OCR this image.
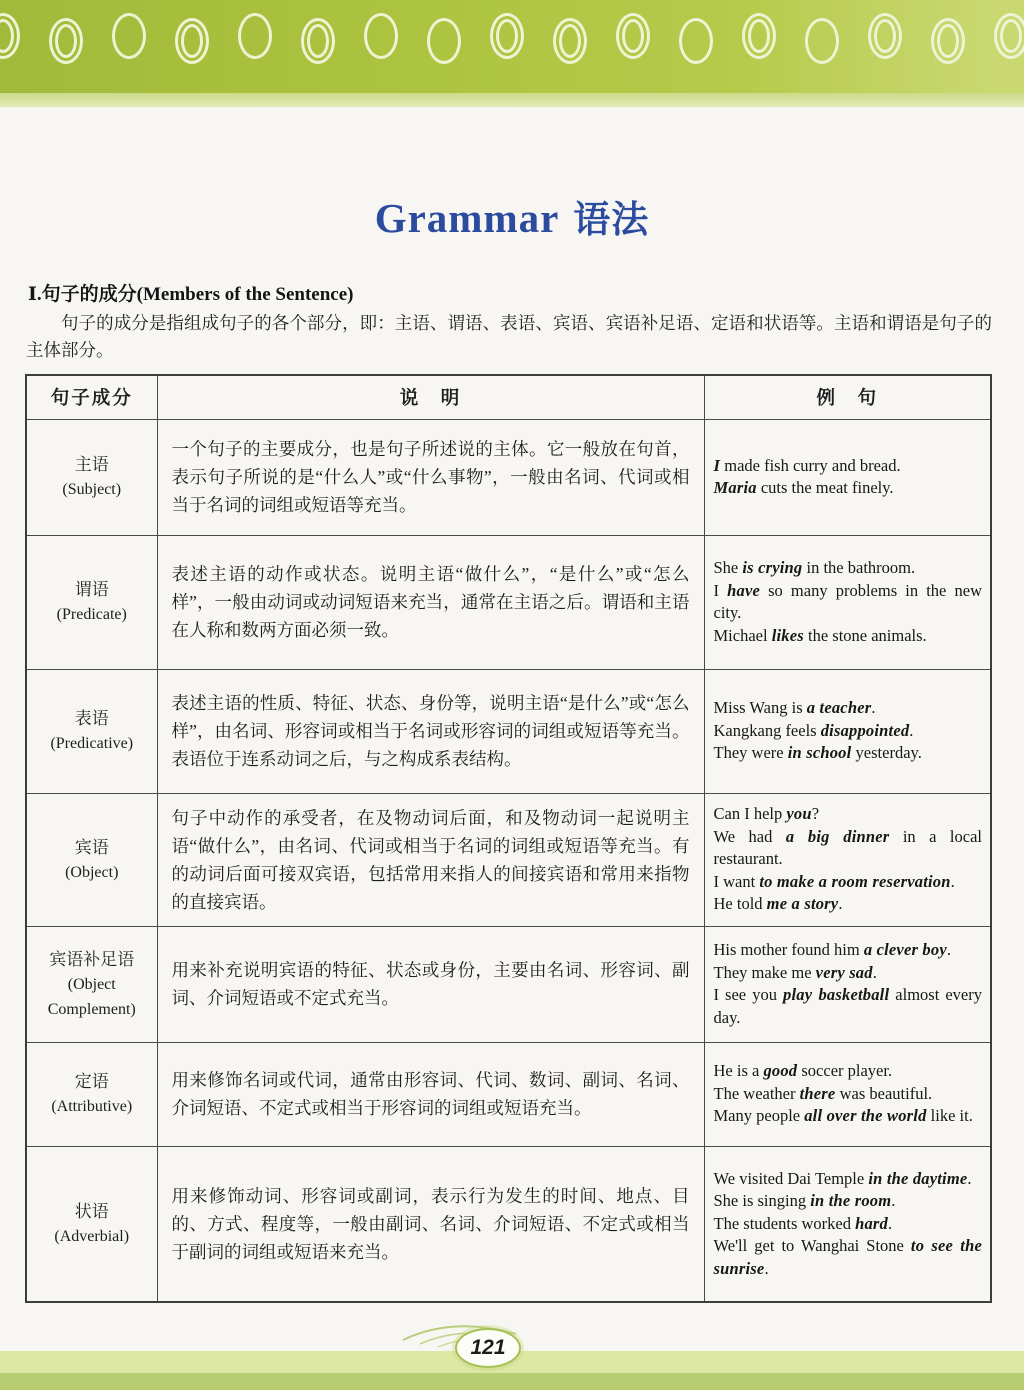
Grammar 语法
Ⅰ.句子的成分(Members of the Sentence)
句子的成分是指组成句子的各个部分，即：主语、谓语、表语、宾语、宾语补足语、定语和状语等。主语和谓语是句子的主体部分。
句子成分	说　明	例　句

主语
(Subject)
	一个句子的主要成分，也是句子所述说的主体。它一般放在句首，表示句子所说的是“什么人”或“什么事物”，一般由名词、代词或相当于名词的词组或短语等充当。	
I made fish curry and bread.
Maria cuts the meat finely.

谓语
(Predicate)
	表述主语的动作或状态。说明主语“做什么”，“是什么”或“怎么样”，一般由动词或动词短语来充当，通常在主语之后。谓语和主语在人称和数两方面必须一致。	
She is crying in the bathroom.
I have so many problems in the new city.
Michael likes the stone animals.

表语
(Predicative)
	表述主语的性质、特征、状态、身份等，说明主语“是什么”或“怎么样”，由名词、形容词或相当于名词或形容词的词组或短语等充当。表语位于连系动词之后，与之构成系表结构。	
Miss Wang is a teacher.
Kangkang feels disappointed.
They were in school yesterday.

宾语
(Object)
	句子中动作的承受者，在及物动词后面，和及物动词一起说明主语“做什么”，由名词、代词或相当于名词的词组或短语等充当。有的动词后面可接双宾语，包括常用来指人的间接宾语和常用来指物的直接宾语。	
Can I help you?
We had a big dinner in a local restaurant.
I want to make a room reservation.
He told me a story.

宾语补足语
(Object Complement)
	用来补充说明宾语的特征、状态或身份，主要由名词、形容词、副词、介词短语或不定式充当。	
His mother found him a clever boy.
They make me very sad.
I see you play basketball almost every day.

定语
(Attributive)
	用来修饰名词或代词，通常由形容词、代词、数词、副词、名词、介词短语、不定式或相当于形容词的词组或短语充当。	
He is a good soccer player.
The weather there was beautiful.
Many people all over the world like it.

状语
(Adverbial)
	用来修饰动词、形容词或副词，表示行为发生的时间、地点、目的、方式、程度等，一般由副词、名词、介词短语、不定式或相当于副词的词组或短语来充当。	
We visited Dai Temple in the daytime.
She is singing in the room.
The students worked hard.
We'll get to Wanghai Stone to see the sunrise.
121
